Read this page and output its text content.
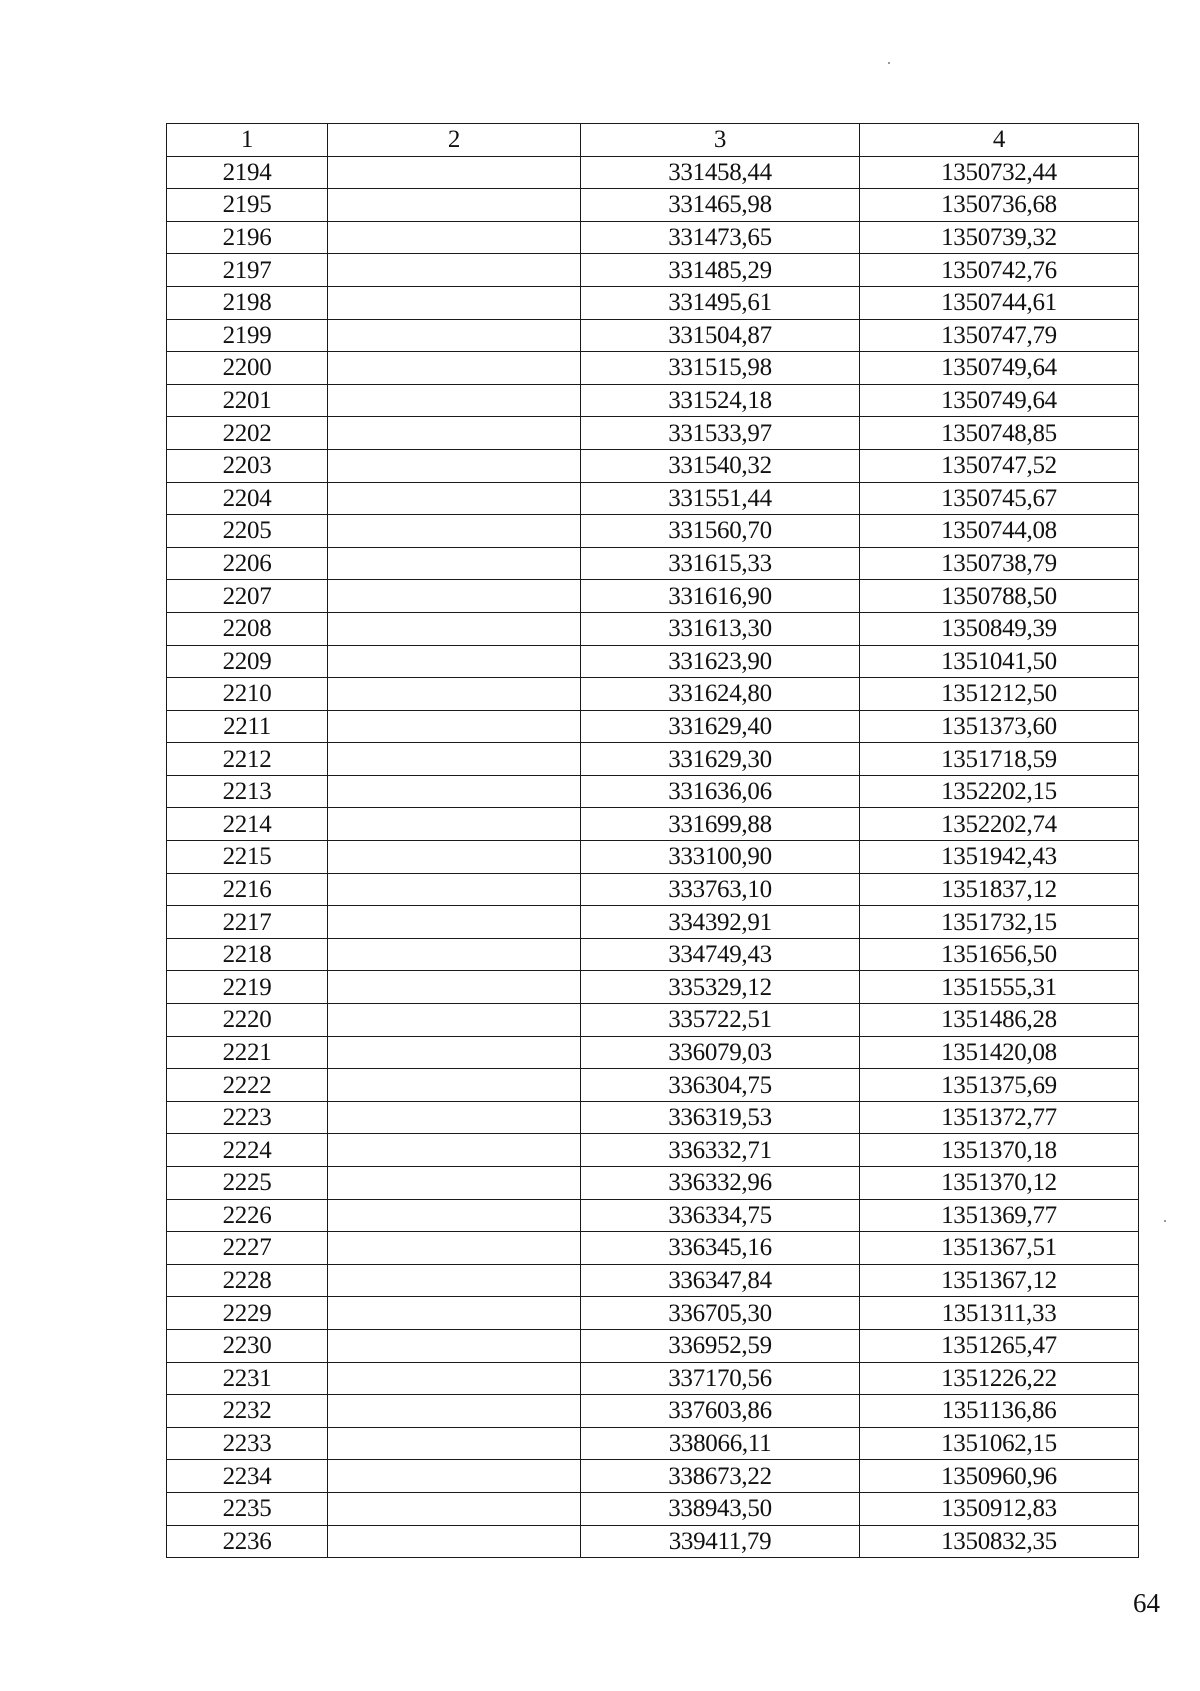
1	2	3	4
2194		331458,44	1350732,44
2195		331465,98	1350736,68
2196		331473,65	1350739,32
2197		331485,29	1350742,76
2198		331495,61	1350744,61
2199		331504,87	1350747,79
2200		331515,98	1350749,64
2201		331524,18	1350749,64
2202		331533,97	1350748,85
2203		331540,32	1350747,52
2204		331551,44	1350745,67
2205		331560,70	1350744,08
2206		331615,33	1350738,79
2207		331616,90	1350788,50
2208		331613,30	1350849,39
2209		331623,90	1351041,50
2210		331624,80	1351212,50
2211		331629,40	1351373,60
2212		331629,30	1351718,59
2213		331636,06	1352202,15
2214		331699,88	1352202,74
2215		333100,90	1351942,43
2216		333763,10	1351837,12
2217		334392,91	1351732,15
2218		334749,43	1351656,50
2219		335329,12	1351555,31
2220		335722,51	1351486,28
2221		336079,03	1351420,08
2222		336304,75	1351375,69
2223		336319,53	1351372,77
2224		336332,71	1351370,18
2225		336332,96	1351370,12
2226		336334,75	1351369,77
2227		336345,16	1351367,51
2228		336347,84	1351367,12
2229		336705,30	1351311,33
2230		336952,59	1351265,47
2231		337170,56	1351226,22
2232		337603,86	1351136,86
2233		338066,11	1351062,15
2234		338673,22	1350960,96
2235		338943,50	1350912,83
2236		339411,79	1350832,35
64
